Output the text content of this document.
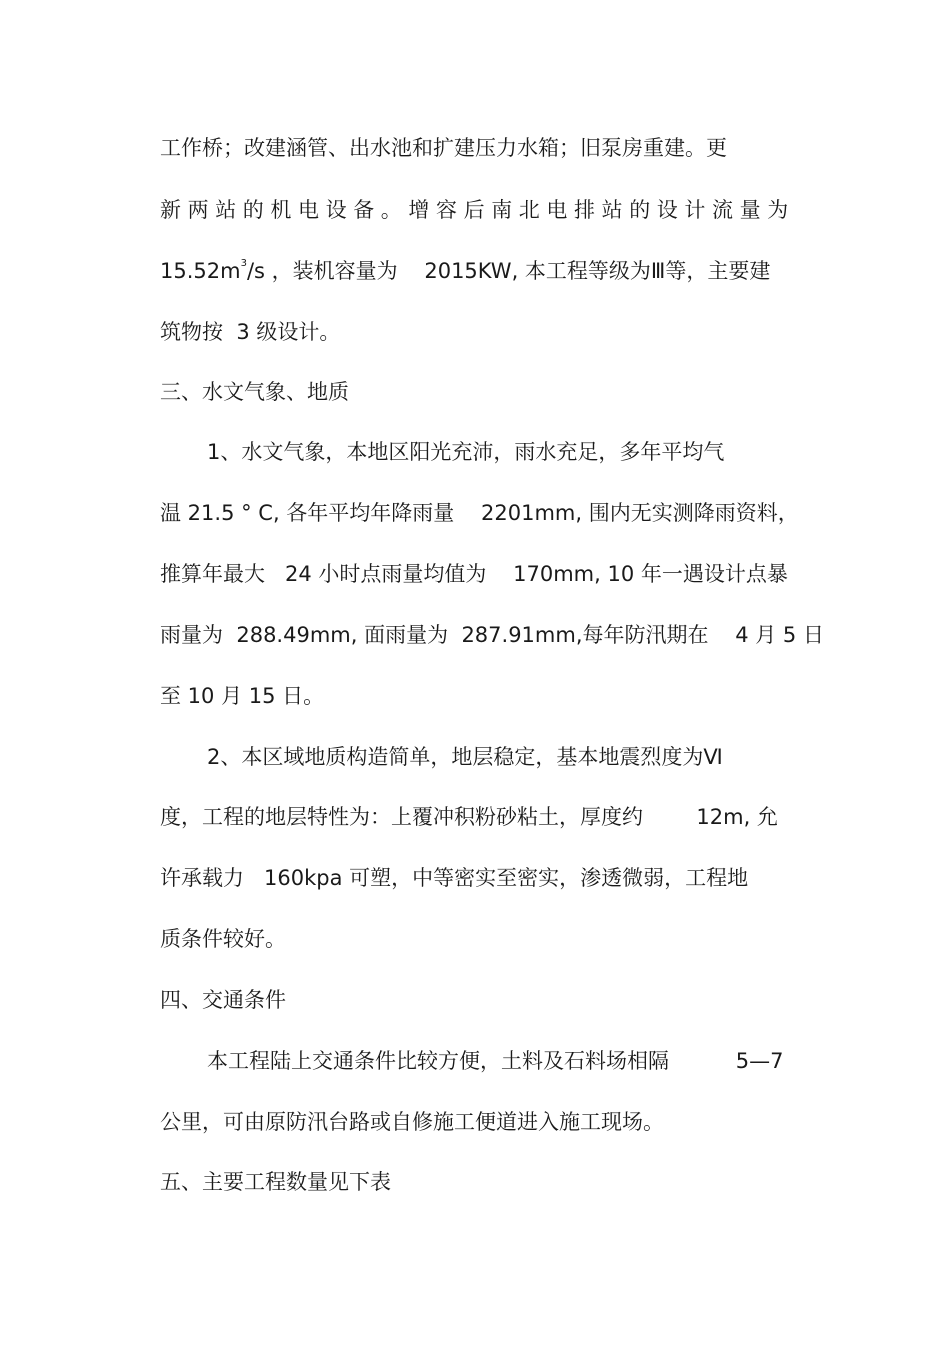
工作桥；改建涵管、出水池和扩建压力水箱；旧泵房重建。更
新两站的机电设备。增容后南北电排站的设计流量为
$15.52m^3/s$ ，装机容量为    2015KW, 本工程等级为Ⅲ等，主要建
筑物按  3 级设计。
三、水文气象、地质
1、水文气象，本地区阳光充沛，雨水充足，多年平均气
温 21.5 ° C, 各年平均年降雨量    2201mm, 围内无实测降雨资料，
推算年最大   24 小时点雨量均值为    170mm, 10 年一遇设计点暴
雨量为  288.49mm, 面雨量为  287.91mm,每年防汛期在    4 月 5 日
至 10 月 15 日。
2、本区域地质构造简单，地层稳定，基本地震烈度为Ⅵ
度，工程的地层特性为：上覆冲积粉砂粘土，厚度约        12m, 允
许承载力   160kpa 可塑，中等密实至密实，渗透微弱，工程地
质条件较好。
四、交通条件
本工程陆上交通条件比较方便，土料及石料场相隔          5—7
公里，可由原防汛台路或自修施工便道进入施工现场。
五、主要工程数量见下表
